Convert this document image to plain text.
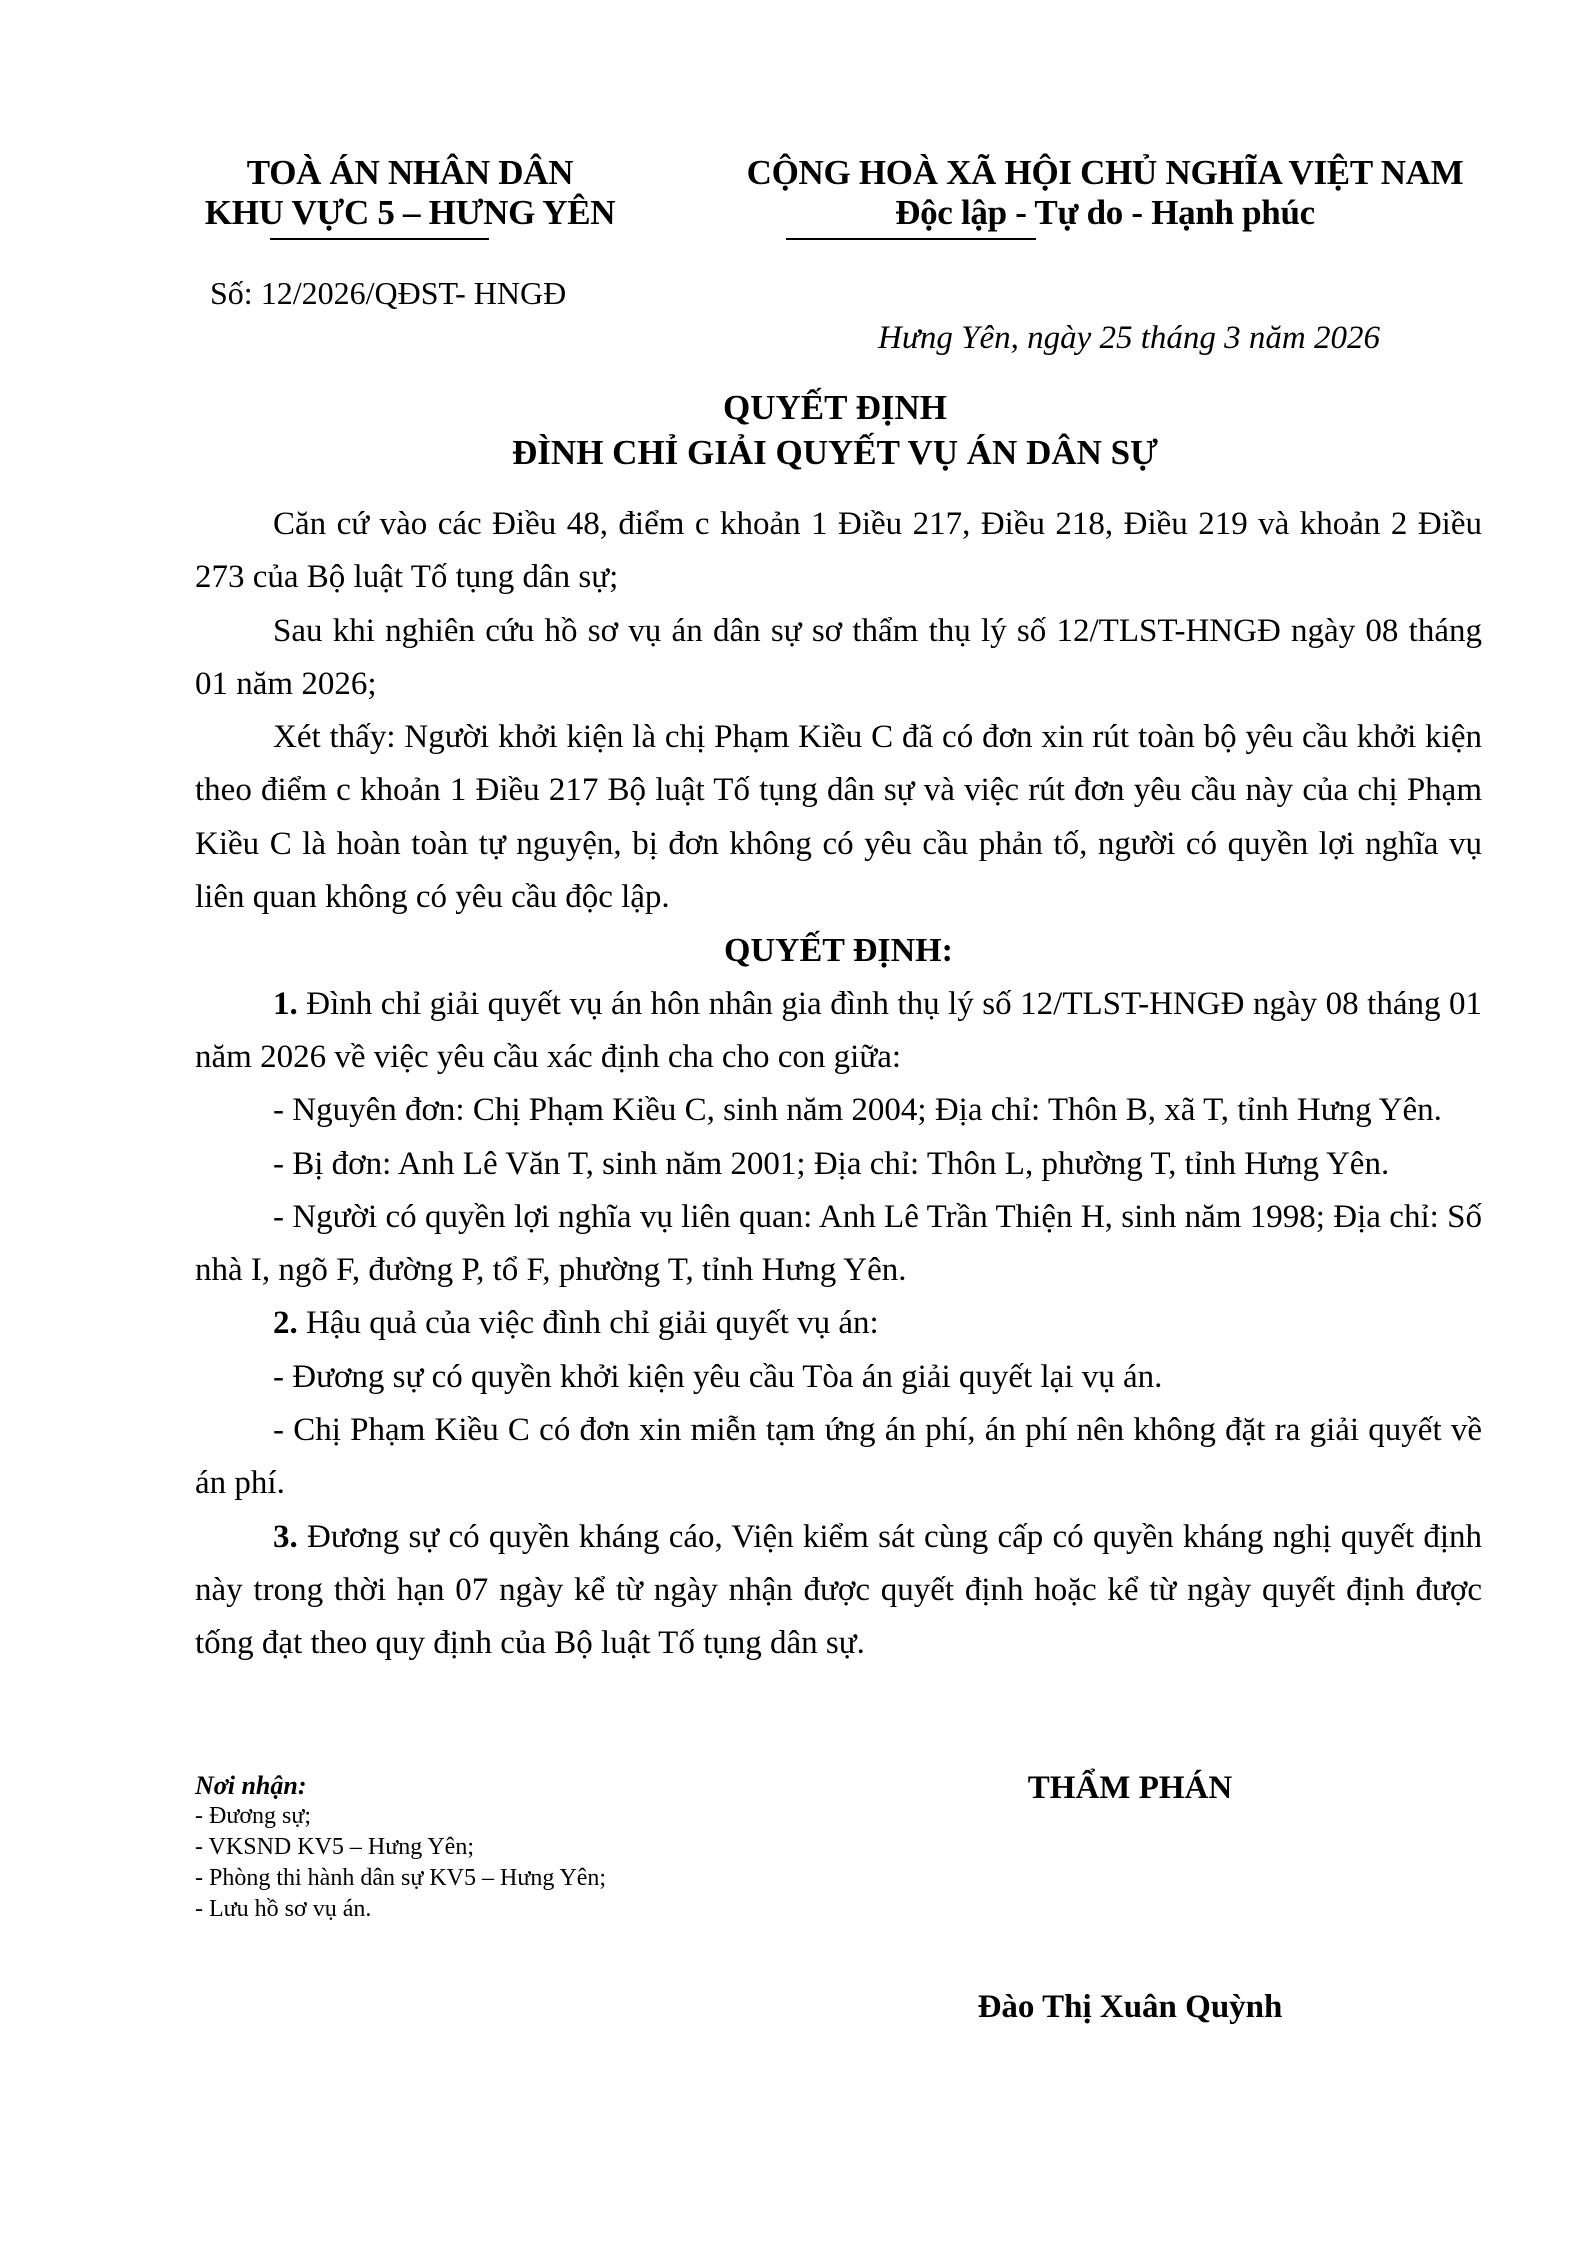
TOÀ ÁN NHÂN DÂN
KHU VỰC 5 – HƯNG YÊN
CỘNG HOÀ XÃ HỘI CHỦ NGHĨA VIỆT NAM
Độc lập - Tự do - Hạnh phúc
Số: 12/2026/QĐST- HNGĐ
Hưng Yên, ngày 25 tháng 3 năm 2026
QUYẾT ĐỊNH
ĐÌNH CHỈ GIẢI QUYẾT VỤ ÁN DÂN SỰ

Căn cứ vào các Điều 48, điểm c khoản 1 Điều 217, Điều 218, Điều 219 và khoản 2 Điều 273 của Bộ luật Tố tụng dân sự;

Sau khi nghiên cứu hồ sơ vụ án dân sự sơ thẩm thụ lý số 12/TLST-HNGĐ ngày 08 tháng 01 năm 2026;

Xét thấy: Người khởi kiện là chị Phạm Kiều C đã có đơn xin rút toàn bộ yêu cầu khởi kiện theo điểm c khoản 1 Điều 217 Bộ luật Tố tụng dân sự và việc rút đơn yêu cầu này của chị Phạm Kiều C là hoàn toàn tự nguyện, bị đơn không có yêu cầu phản tố, người có quyền lợi nghĩa vụ liên quan không có yêu cầu độc lập.

QUYẾT ĐỊNH:

1. Đình chỉ giải quyết vụ án hôn nhân gia đình thụ lý số 12/TLST-HNGĐ ngày 08 tháng 01 năm 2026 về việc yêu cầu xác định cha cho con giữa:

- Nguyên đơn: Chị Phạm Kiều C, sinh năm 2004; Địa chỉ: Thôn B, xã T, tỉnh Hưng Yên.

- Bị đơn: Anh Lê Văn T, sinh năm 2001; Địa chỉ: Thôn L, phường T, tỉnh Hưng Yên.

- Người có quyền lợi nghĩa vụ liên quan: Anh Lê Trần Thiện H, sinh năm 1998; Địa chỉ: Số nhà I, ngõ F, đường P, tổ F, phường T, tỉnh Hưng Yên.

2. Hậu quả của việc đình chỉ giải quyết vụ án:

- Đương sự có quyền khởi kiện yêu cầu Tòa án giải quyết lại vụ án.

- Chị Phạm Kiều C có đơn xin miễn tạm ứng án phí, án phí nên không đặt ra giải quyết về án phí.

3. Đương sự có quyền kháng cáo, Viện kiểm sát cùng cấp có quyền kháng nghị quyết định này trong thời hạn 07 ngày kể từ ngày nhận được quyết định hoặc kể từ ngày quyết định được tống đạt theo quy định của Bộ luật Tố tụng dân sự.

Nơi nhận:
- Đương sự;
- VKSND KV5 – Hưng Yên;
- Phòng thi hành dân sự KV5 – Hưng Yên;
- Lưu hồ sơ vụ án.
THẨM PHÁN
Đào Thị Xuân Quỳnh
